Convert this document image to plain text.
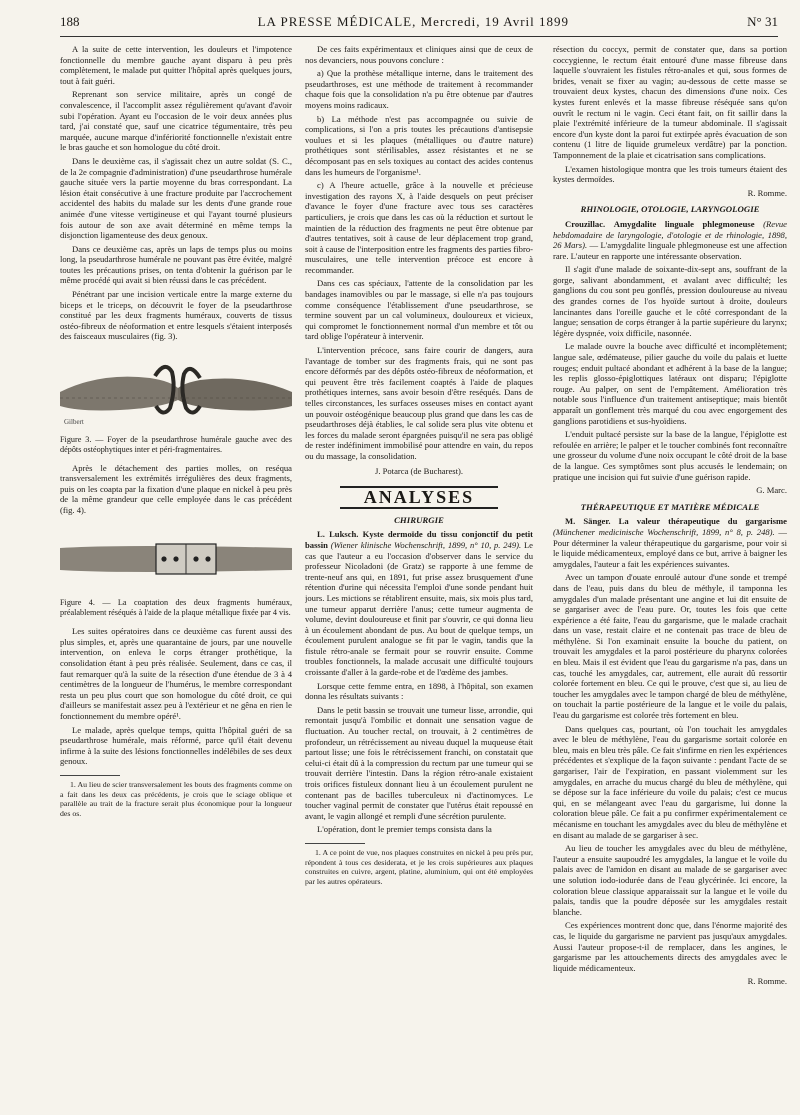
188	LA PRESSE MÉDICALE, Mercredi, 19 Avril 1899	N° 31

A la suite de cette intervention, les douleurs et l'impotence fonctionnelle du membre gauche ayant disparu à peu près complètement, le malade put quitter l'hôpital après quelques jours, tout à fait guéri.

Reprenant son service militaire, après un congé de convalescence, il l'accomplit assez régulièrement qu'avant d'avoir subi l'opération. Ayant eu l'occasion de le voir deux années plus tard, j'ai constaté que, sauf une cicatrice tégumentaire, très peu marquée, aucune marque d'infériorité fonctionnelle n'existait entre le bras gauche et son homologue du côté droit.

Dans le deuxième cas, il s'agissait chez un autre soldat (S. C., de la 2e compagnie d'administration) d'une pseudarthrose humérale gauche située vers la partie moyenne du bras correspondant. La lésion était consécutive à une fracture produite par l'accrochement accidentel des habits du malade sur les dents d'une grande roue animée d'une vitesse vertigineuse et qui l'ayant tourné plusieurs fois autour de son axe avait déterminé en même temps la disjonction ligamenteuse des deux genoux.

Dans ce deuxième cas, après un laps de temps plus ou moins long, la pseudarthrose humérale ne pouvant pas être évitée, malgré toutes les précautions prises, on tenta d'obtenir la guérison par le même procédé qui avait si bien réussi dans le cas précédent.

Pénétrant par une incision verticale entre la marge externe du biceps et le triceps, on découvrit le foyer de la pseudarthrose constitué par les deux fragments huméraux, couverts de tissus ostéo-fibreux de néoformation et entre lesquels s'étaient interposés des faisceaux musculaires (fig. 3).

Gilbert

Figure 3. — Foyer de la pseudarthrose humérale gauche avec des dépôts ostéophytiques inter et péri-fragmentaires.

Après le détachement des parties molles, on reséqua transversalement les extrémités irrégulières des deux fragments, puis on les coapta par la fixation d'une plaque en nickel à peu près de la même grandeur que celle employée dans le cas précédent (fig. 4).

Figure 4. — La coaptation des deux fragments huméraux, préalablement réséqués à l'aide de la plaque métallique fixée par 4 vis.

Les suites opératoires dans ce deuxième cas furent aussi des plus simples, et, après une quarantaine de jours, par une nouvelle intervention, on enleva le corps étranger prothétique, la consolidation étant à peu près réalisée. Seulement, dans ce cas, il faut remarquer qu'à la suite de la résection d'une étendue de 3 à 4 centimètres de la longueur de l'humérus, le membre correspondant resta un peu plus court que son homologue du côté droit, ce qui d'ailleurs se manifestait assez peu à l'extérieur et ne gêna en rien le fonctionnement du membre opéré¹.

Le malade, après quelque temps, quitta l'hôpital guéri de sa pseudarthrose humérale, mais réformé, parce qu'il était devenu infirme à la suite des lésions fonctionnelles indélébiles de ses deux genoux.

1. Au lieu de scier transversalement les bouts des fragments comme on a fait dans les deux cas précédents, je crois que le sciage oblique et parallèle au trait de la fracture serait plus économique pour la longueur des os.

De ces faits expérimentaux et cliniques ainsi que de ceux de nos devanciers, nous pouvons conclure :

a) Que la prothèse métallique interne, dans le traitement des pseudarthroses, est une méthode de traitement à recommander chaque fois que la consolidation n'a pu être obtenue par d'autres moyens moins radicaux.

b) La méthode n'est pas accompagnée ou suivie de complications, si l'on a pris toutes les précautions d'antisepsie voulues et si les plaques (métalliques ou d'autre nature) prothétiques sont stérilisables, assez résistantes et ne se décomposant pas en sels toxiques au contact des acides contenus dans les humeurs de l'organisme¹.

c) A l'heure actuelle, grâce à la nouvelle et précieuse investigation des rayons X, à l'aide desquels on peut préciser d'avance le foyer d'une fracture avec tous ses caractères particuliers, je crois que dans les cas où la réduction et surtout le maintien de la réduction des fragments ne peut être obtenue par d'autres tentatives, soit à cause de leur déplacement trop grand, soit à cause de l'interposition entre les fragments des parties fibro-musculaires, une telle intervention précoce est encore à recommander.

Dans ces cas spéciaux, l'attente de la consolidation par les bandages inamovibles ou par le massage, si elle n'a pas toujours comme conséquence l'établissement d'une pseudarthrose, se termine souvent par un cal volumineux, douloureux et vicieux, qui compromet le fonctionnement normal d'un membre et tôt ou tard oblige l'opérateur à intervenir.

L'intervention précoce, sans faire courir de dangers, aura l'avantage de tomber sur des fragments frais, qui ne sont pas encore déformés par des dépôts ostéo-fibreux de néoformation, et qui peuvent être très facilement coaptés à l'aide de plaques prothétiques internes, sans avoir besoin d'être reséqués. Dans de telles circonstances, les surfaces osseuses mises en contact ayant un pouvoir ostéogénique beaucoup plus grand que dans les cas de pseudarthroses déjà établies, le cal solide sera plus vite obtenu et les forces du malade seront épargnées puisqu'il ne sera pas obligé de rester indéfiniment immobilisé pour attendre en vain, du repos ou du massage, la consolidation.

J. Potarca (de Bucharest).

ANALYSES

CHIRURGIE

L. Luksch. Kyste dermoïde du tissu conjonctif du petit bassin (Wiener klinische Wochenschrift, 1899, n° 10, p. 249). Le cas que l'auteur a eu l'occasion d'observer dans le service du professeur Nicoladoni (de Gratz) se rapporte à une femme de trente-neuf ans qui, en 1891, fut prise assez brusquement d'une rétention d'urine qui nécessita l'emploi d'une sonde pendant huit jours. Les mictions se rétablirent ensuite, mais, six mois plus tard, une tumeur apparut derrière l'anus; cette tumeur augmenta de volume, devint douloureuse et finit par s'ouvrir, ce qui donna lieu à un écoulement abondant de pus. Au bout de quelque temps, un écoulement purulent analogue se fit par le vagin, tandis que la fistule rétro-anale se fermait pour se rouvrir ensuite. Comme troubles fonctionnels, la malade accusait une difficulté toujours croissante d'aller à la garde-robe et de l'œdème des jambes.

Lorsque cette femme entra, en 1898, à l'hôpital, son examen donna les résultats suivants :

Dans le petit bassin se trouvait une tumeur lisse, arrondie, qui remontait jusqu'à l'ombilic et donnait une sensation vague de fluctuation. Au toucher rectal, on trouvait, à 2 centimètres de profondeur, un rétrécissement au niveau duquel la muqueuse était partout lisse; une fois le rétrécissement franchi, on constatait que celui-ci était dû à la compression du rectum par une tumeur qui se trouvait derrière l'intestin. Dans la région rétro-anale existaient trois orifices fistuleux donnant lieu à un écoulement purulent ne contenant pas de bacilles tuberculeux ni d'actinomyces. Le toucher vaginal permit de constater que l'utérus était repoussé en avant, le vagin allongé et rempli d'une sécrétion purulente.

L'opération, dont le premier temps consista dans la

1. A ce point de vue, nos plaques construites en nickel à peu près pur, répondent à tous ces desiderata, et je les crois supérieures aux plaques construites en cuivre, argent, platine, aluminium, qui ont été employées par les autres opérateurs.

résection du coccyx, permit de constater que, dans sa portion coccygienne, le rectum était entouré d'une masse fibreuse dans laquelle s'ouvraient les fistules rétro-anales et qui, sous formes de brides, venait se fixer au vagin; au-dessous de cette masse se trouvaient deux kystes, chacun des dimensions d'une noix. Ces kystes furent enlevés et la masse fibreuse réséquée sans qu'on ouvrît le rectum ni le vagin. Ceci étant fait, on fit saillir dans la plaie l'extrémité inférieure de la tumeur abdominale. Il s'agissait encore d'un kyste dont la paroi fut extirpée après évacuation de son contenu (1 litre de liquide grumeleux verdâtre) par la ponction. Tamponnement de la plaie et cicatrisation sans complications.

L'examen histologique montra que les trois tumeurs étaient des kystes dermoïdes.

R. Romme.

RHINOLOGIE, OTOLOGIE, LARYNGOLOGIE

Crouzillac. Amygdalite linguale phlegmoneuse (Revue hebdomadaire de laryngologie, d'otologie et de rhinologie, 1898, 26 Mars). — L'amygdalite linguale phlegmoneuse est une affection rare. L'auteur en rapporte une intéressante observation.

Il s'agit d'une malade de soixante-dix-sept ans, souffrant de la gorge, salivant abondamment, et avalant avec difficulté; les ganglions du cou sont peu gonflés, pression douloureuse au niveau des grandes cornes de l'os hyoïde surtout à droite, douleurs lancinantes dans l'oreille gauche et le côté correspondant de la langue; sensation de corps étranger à la partie supérieure du larynx; légère dyspnée, voix difficile, nasonnée.

Le malade ouvre la bouche avec difficulté et incomplètement; langue sale, œdémateuse, pilier gauche du voile du palais et luette rouges; enduit pultacé abondant et adhérent à la base de la langue; les replis glosso-épiglottiques latéraux ont disparu; l'épiglotte rouge. Au palper, on sent de l'empâtement. Amélioration très notable sous l'influence d'un traitement antiseptique; mais bientôt apparaît un gonflement très marqué du cou avec engorgement des ganglions parotidiens et sus-hyoïdiens.

L'enduit pultacé persiste sur la base de la langue, l'épiglotte est refoulée en arrière; le palper et le toucher combinés font reconnaître une grosseur du volume d'une noix occupant le côté droit de la base de la langue. Ces symptômes sont plus accusés le lendemain; on pratique une incision qui fut suivie d'une guérison rapide.

G. Marc.

THÉRAPEUTIQUE ET MATIÈRE MÉDICALE

M. Sänger. La valeur thérapeutique du gargarisme (Münchener medicinische Wochenschrift, 1899, n° 8, p. 248). — Pour déterminer la valeur thérapeutique du gargarisme, pour voir si le liquide médicamenteux, employé dans ce but, arrive à baigner les amygdales, l'auteur a fait les expériences suivantes.

Avec un tampon d'ouate enroulé autour d'une sonde et trempé dans de l'eau, puis dans du bleu de méthyle, il tamponna les amygdales d'un malade présentant une angine et lui dit ensuite de se gargariser avec de l'eau pure. Or, toutes les fois que cette expérience a été faite, l'eau du gargarisme, que le malade crachait dans un vase, restait claire et ne contenait pas trace de bleu de méthylène. Si l'on examinait ensuite la bouche du patient, on trouvait les amygdales et la paroi postérieure du pharynx colorées en bleu. Mais il est évident que l'eau du gargarisme n'a pas, dans un cas, touché les amygdales, car, autrement, elle aurait dû ressortir colorée fortement en bleu. Ce qui le prouve, c'est que si, au lieu de toucher les amygdales avec le tampon chargé de bleu de méthylène, on touchait la partie postérieure de la langue et le voile du palais, l'eau du gargarisme est colorée très fortement en bleu.

Dans quelques cas, pourtant, où l'on touchait les amygdales avec le bleu de méthylène, l'eau du gargarisme sortait colorée en bleu, mais en bleu très pâle. Ce fait s'infirme en rien les expériences précédentes et s'explique de la façon suivante : pendant l'acte de se gargariser, l'air de l'expiration, en passant violemment sur les amygdales, en arrache du mucus chargé du bleu de méthylène, qui se dépose sur la face inférieure du voile du palais; c'est ce mucus qui, en se mélangeant avec l'eau du gargarisme, lui donne la coloration bleue pâle. Ce fait a pu confirmer expérimentalement ce mécanisme en touchant les amygdales avec du bleu de méthylène et en disant au malade de se gargariser à sec.

Au lieu de toucher les amygdales avec du bleu de méthylène, l'auteur a ensuite saupoudré les amygdales, la langue et le voile du palais avec de l'amidon en disant au malade de se gargariser avec une solution iodo-iodurée dans de l'eau glycérinée. Ici encore, la coloration bleue classique apparaissait sur la langue et le voile du palais, tandis que la poudre déposée sur les amygdales restait blanche.

Ces expériences montrent donc que, dans l'énorme majorité des cas, le liquide du gargarisme ne parvient pas jusqu'aux amygdales. Aussi l'auteur propose-t-il de remplacer, dans les angines, le gargarisme par les attouchements directs des amygdales avec le liquide médicamenteux.

R. Romme.
